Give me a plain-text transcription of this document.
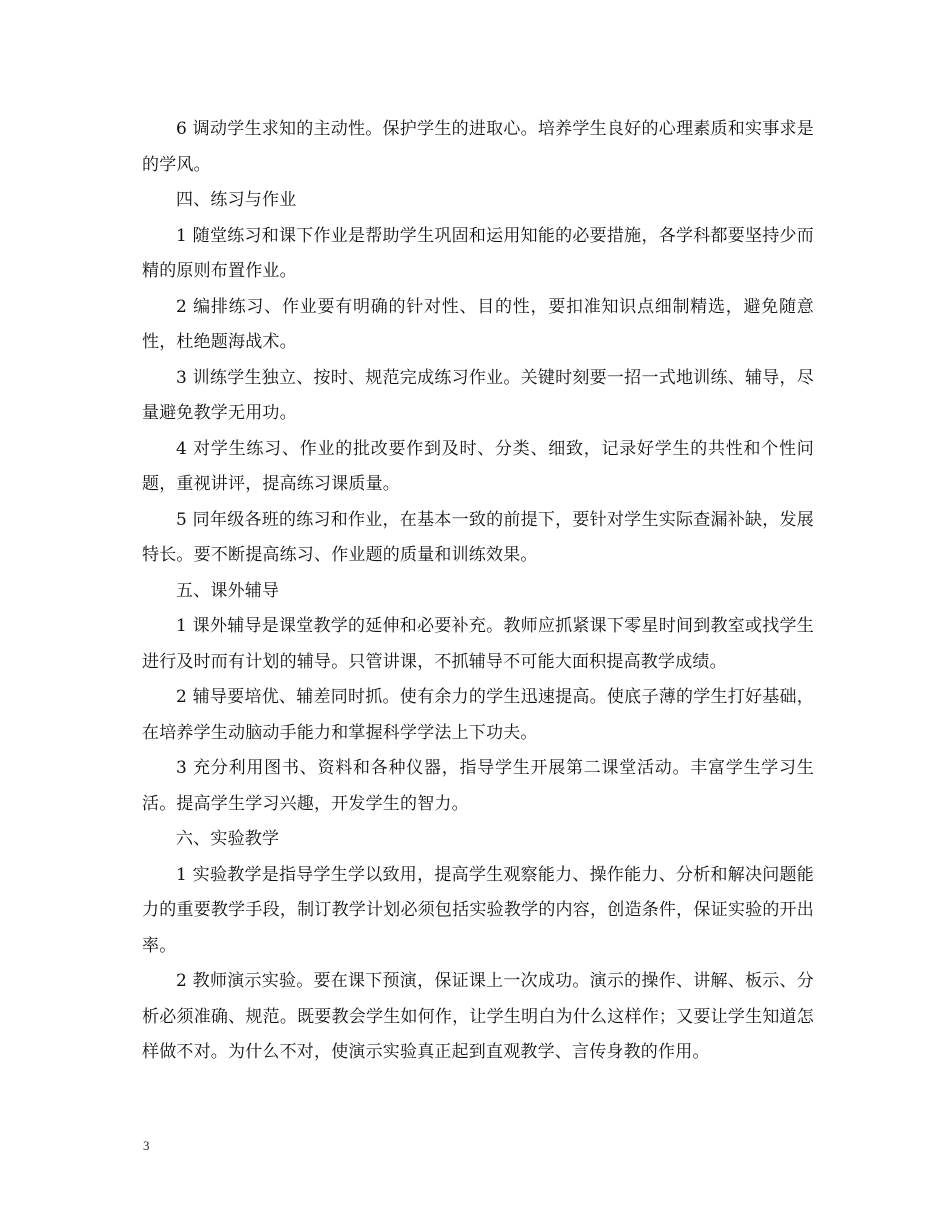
6 调动学生求知的主动性。保护学生的进取心。培养学生良好的心理素质和实事求是的学风。

四、练习与作业

1 随堂练习和课下作业是帮助学生巩固和运用知能的必要措施，各学科都要坚持少而精的原则布置作业。

2 编排练习、作业要有明确的针对性、目的性，要扣准知识点细制精选，避免随意性，杜绝题海战术。

3 训练学生独立、按时、规范完成练习作业。关键时刻要一招一式地训练、辅导，尽量避免教学无用功。

4 对学生练习、作业的批改要作到及时、分类、细致，记录好学生的共性和个性问题，重视讲评，提高练习课质量。

5 同年级各班的练习和作业，在基本一致的前提下，要针对学生实际查漏补缺，发展特长。要不断提高练习、作业题的质量和训练效果。

五、课外辅导

1 课外辅导是课堂教学的延伸和必要补充。教师应抓紧课下零星时间到教室或找学生进行及时而有计划的辅导。只管讲课，不抓辅导不可能大面积提高教学成绩。

2 辅导要培优、辅差同时抓。使有余力的学生迅速提高。使底子薄的学生打好基础，在培养学生动脑动手能力和掌握科学学法上下功夫。

3 充分利用图书、资料和各种仪器，指导学生开展第二课堂活动。丰富学生学习生活。提高学生学习兴趣，开发学生的智力。

六、实验教学

1 实验教学是指导学生学以致用，提高学生观察能力、操作能力、分析和解决问题能力的重要教学手段，制订教学计划必须包括实验教学的内容，创造条件，保证实验的开出率。

2 教师演示实验。要在课下预演，保证课上一次成功。演示的操作、讲解、板示、分析必须准确、规范。既要教会学生如何作，让学生明白为什么这样作；又要让学生知道怎样做不对。为什么不对，使演示实验真正起到直观教学、言传身教的作用。

3
